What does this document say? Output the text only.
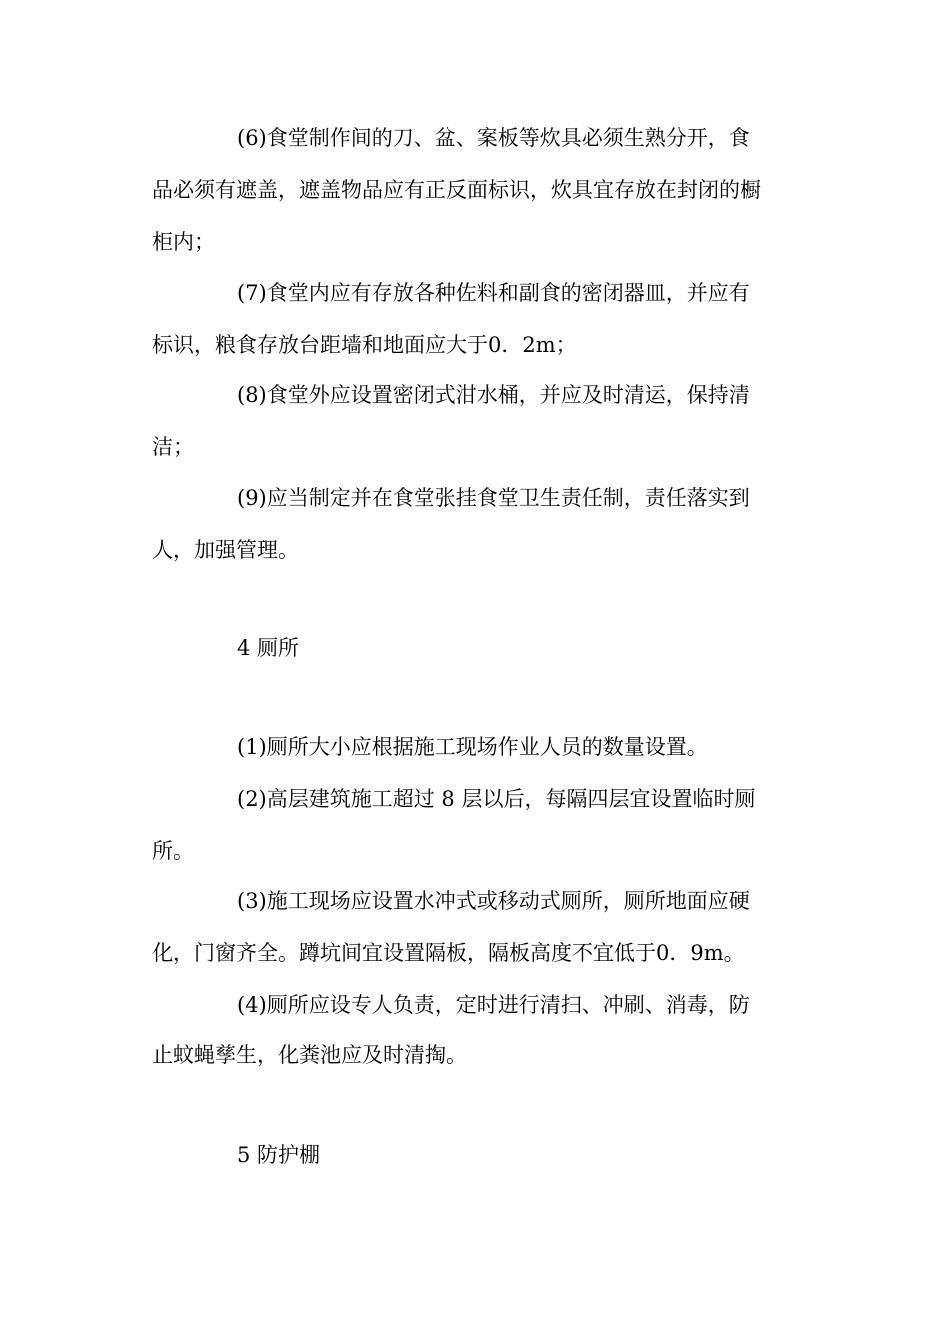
(6)食堂制作间的刀、盆、案板等炊具必须生熟分开，食

品必须有遮盖，遮盖物品应有正反面标识，炊具宜存放在封闭的橱

柜内；

(7)食堂内应有存放各种佐料和副食的密闭器皿，并应有

标识，粮食存放台距墙和地面应大于0．2m；

(8)食堂外应设置密闭式泔水桶，并应及时清运，保持清

洁；

(9)应当制定并在食堂张挂食堂卫生责任制，责任落实到

人，加强管理。

4 厕所

(1)厕所大小应根据施工现场作业人员的数量设置。

(2)高层建筑施工超过 8 层以后，每隔四层宜设置临时厕

所。

(3)施工现场应设置水冲式或移动式厕所，厕所地面应硬

化，门窗齐全。蹲坑间宜设置隔板，隔板高度不宜低于0．9m。

(4)厕所应设专人负责，定时进行清扫、冲刷、消毒，防

止蚊蝇孳生，化粪池应及时清掏。

5 防护棚
